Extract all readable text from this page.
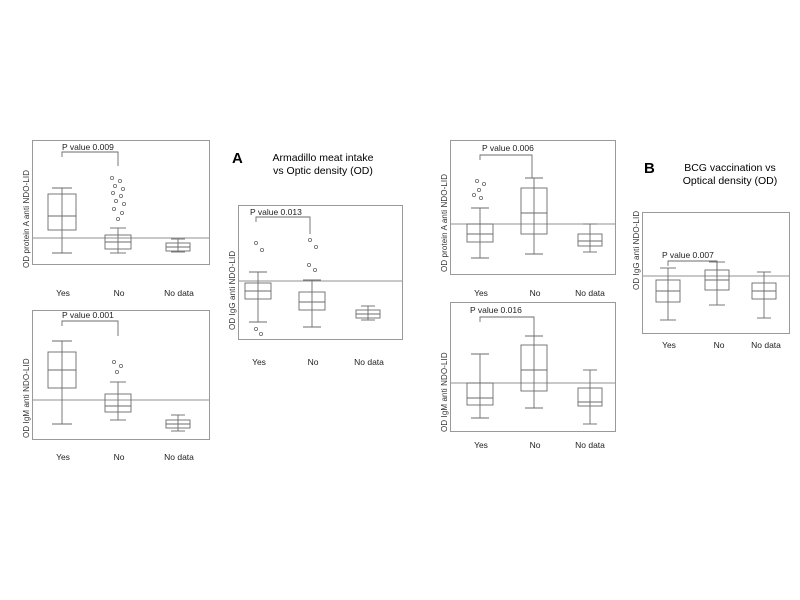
A	Armadillo meat intake
vs Optic density (OD)
OD protein A anti NDO-LID
P value 0.009
Yes	No	No data
OD IgM anti NDO-LID
P value 0.001
Yes	No	No data
OD IgG anti NDO-LID
P value 0.013
Yes	No	No data
B	BCG vaccination vs
Optical density (OD)
OD protein A anti NDO-LID
P value 0.006
Yes	No	No data
OD IgM anti NDO-LID
P value 0.016
Yes	No	No data
OD IgG anti NDO-LID P value 0.007
Yes	No	No data
